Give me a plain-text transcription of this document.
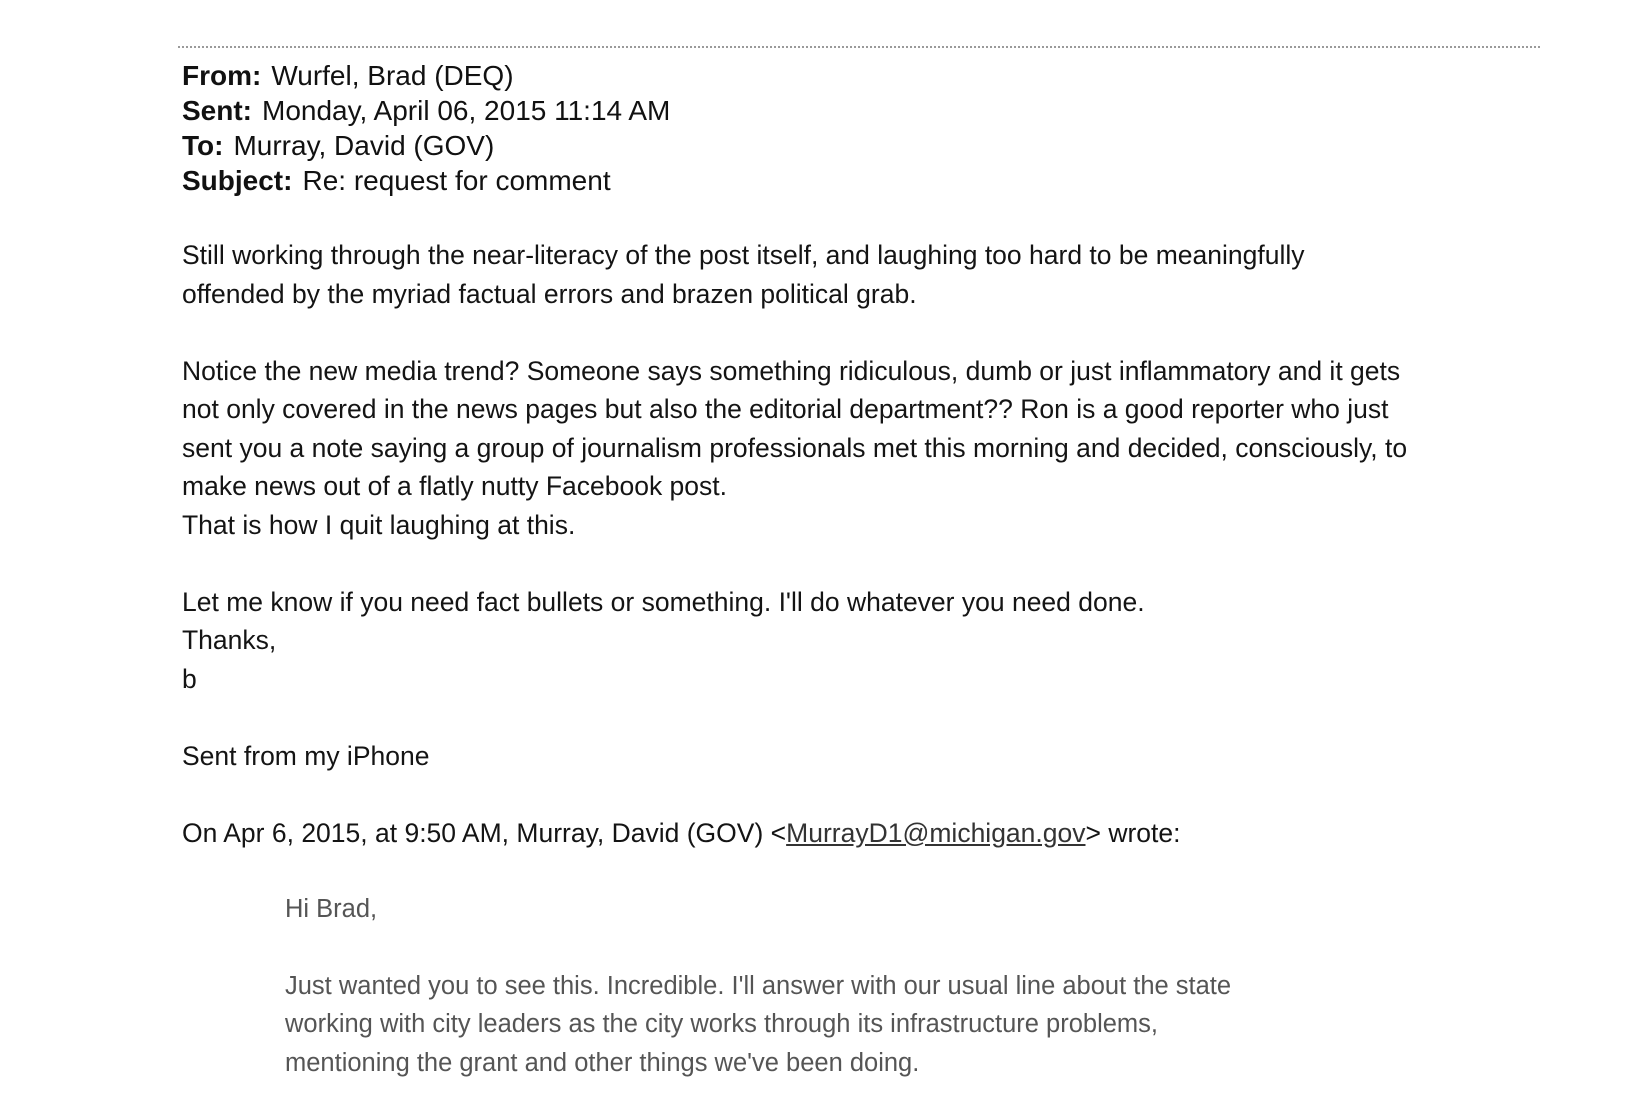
From: Wurfel, Brad (DEQ)
Sent: Monday, April 06, 2015 11:14 AM
To: Murray, David (GOV)
Subject: Re: request for comment
Still working through the near-literacy of the post itself, and laughing too hard to be meaningfully
offended by the myriad factual errors and brazen political grab.
Notice the new media trend? Someone says something ridiculous, dumb or just inflammatory and it gets
not only covered in the news pages but also the editorial department?? Ron is a good reporter who just
sent you a note saying a group of journalism professionals met this morning and decided, consciously, to
make news out of a flatly nutty Facebook post.
That is how I quit laughing at this.
Let me know if you need fact bullets or something. I'll do whatever you need done.
Thanks,
b
Sent from my iPhone
On Apr 6, 2015, at 9:50 AM, Murray, David (GOV) <MurrayD1@michigan.gov> wrote:
Hi Brad,
Just wanted you to see this. Incredible. I'll answer with our usual line about the state
working with city leaders as the city works through its infrastructure problems,
mentioning the grant and other things we've been doing.
